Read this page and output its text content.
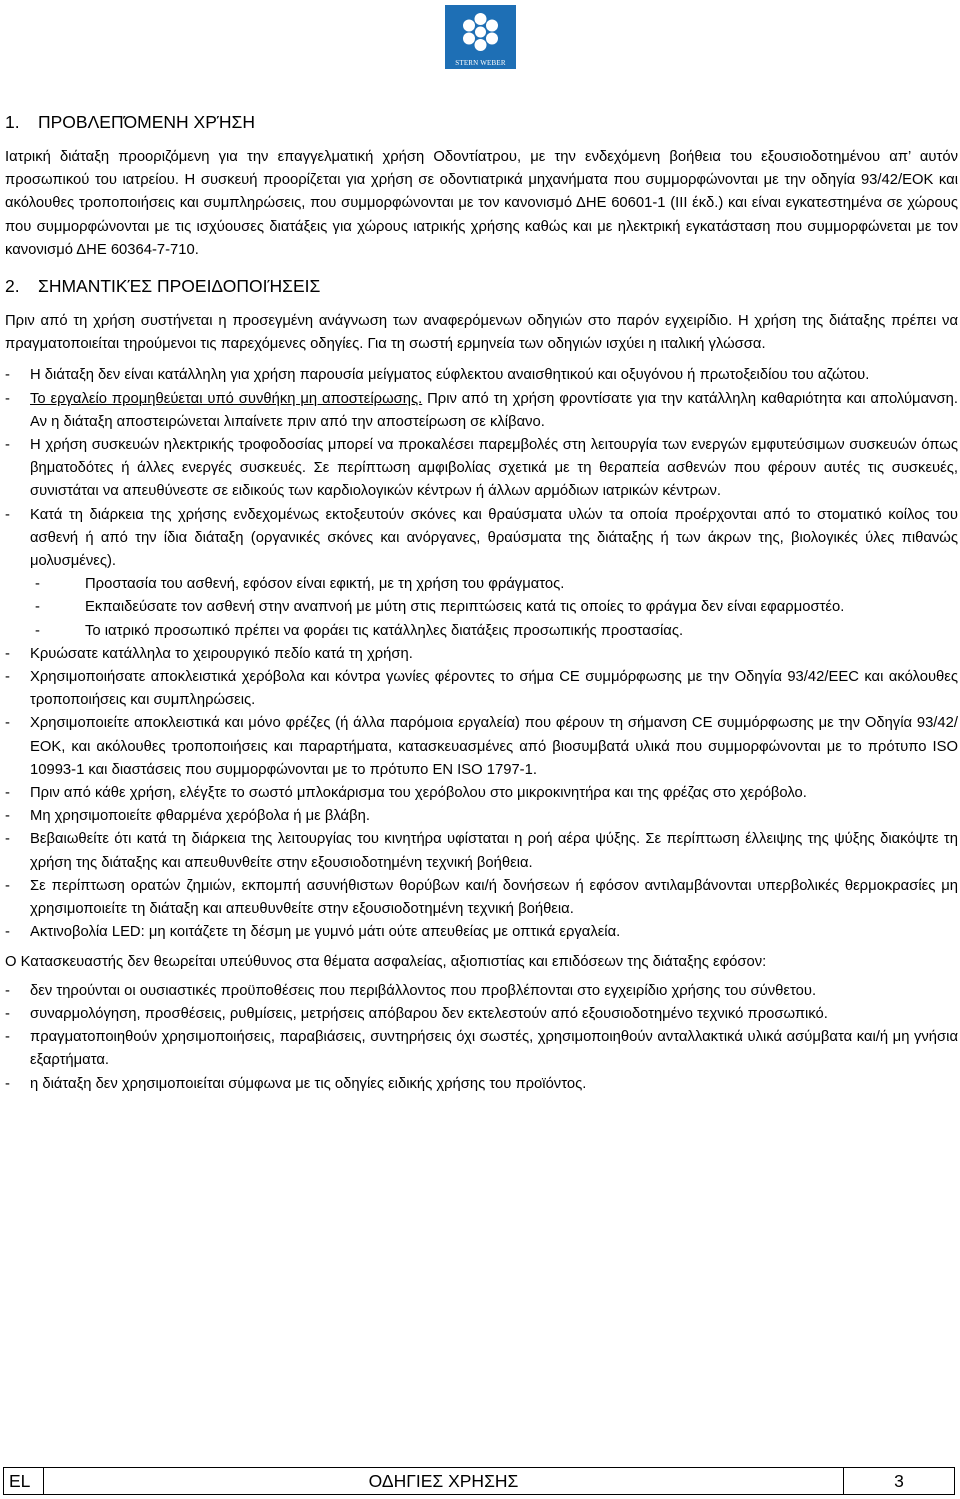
STERN WEBER
1. ΠΡΟΒΛΕΠΌΜΕΝΗ ΧΡΉΣΗ

Ιατρική διάταξη προοριζόμενη για την επαγγελματική χρήση Οδοντίατρου, με την ενδεχόμενη βοήθεια του εξουσιοδοτημένου απ’ αυτόν προσωπικού του ιατρείου. Η συσκευή προορίζεται για χρήση σε οδοντιατρικά μηχανήματα που συμμορφώνονται με την οδηγία 93/42/ΕΟΚ και ακόλουθες τροποποιήσεις και συμπληρώσεις, που συμμορφώνονται με τον κανονισμό ΔΗΕ 60601-1 (III έκδ.) και είναι εγκατεστημένα σε χώρους που συμμορφώνονται με τις ισχύουσες διατάξεις για χώρους ιατρικής χρήσης καθώς και με ηλεκτρική εγκατάσταση που συμμορφώνεται με τον κανονισμό ΔΗΕ 60364-7-710.

2. ΣΗΜΑΝΤΙΚΈΣ ΠΡΟΕΙΔΟΠΟΙΉΣΕΙΣ

Πριν από τη χρήση συστήνεται η προσεγμένη ανάγνωση των αναφερόμενων οδηγιών στο παρόν εγχειρίδιο. Η χρήση της διάταξης πρέπει να πραγματοποιείται τηρούμενοι τις παρεχόμενες οδηγίες. Για τη σωστή ερμηνεία των οδηγιών ισχύει η ιταλική γλώσσα.

- Η διάταξη δεν είναι κατάλληλη για χρήση παρουσία μείγματος εύφλεκτου αναισθητικού και οξυγόνου ή πρωτοξειδίου του αζώτου.

- Το εργαλείο προμηθεύεται υπό συνθήκη μη αποστείρωσης. Πριν από τη χρήση φροντίσατε για την κατάλληλη καθαριότητα και απολύμανση. Αν η διάταξη αποστειρώνεται λιπαίνετε πριν από την αποστείρωση σε κλίβανο.

- Η χρήση συσκευών ηλεκτρικής τροφοδοσίας μπορεί να προκαλέσει παρεμβολές στη λειτουργία των ενεργών εμφυτεύσιμων συσκευών όπως βηματοδότες ή άλλες ενεργές συσκευές. Σε περίπτωση αμφιβολίας σχετικά με τη θεραπεία ασθενών που φέρουν αυτές τις συσκευές, συνιστάται να απευθύνεστε σε ειδικούς των καρδιολογικών κέντρων ή άλλων αρμόδιων ιατρικών κέντρων.

- Κατά τη διάρκεια της χρήσης ενδεχομένως εκτοξευτούν σκόνες και θραύσματα υλών τα οποία προέρχονται από το στοματικό κοίλος του ασθενή ή από την ίδια διάταξη (οργανικές σκόνες και ανόργανες, θραύσματα της διάταξης ή των άκρων της, βιολογικές ύλες πιθανώς μολυσμένες).

-	Προστασία του ασθενή, εφόσον είναι εφικτή, με τη χρήση του φράγματος.

-	Εκπαιδεύσατε τον ασθενή στην αναπνοή με μύτη στις περιπτώσεις κατά τις οποίες το φράγμα δεν είναι εφαρμοστέο.

-	Το ιατρικό προσωπικό πρέπει να φοράει τις κατάλληλες διατάξεις προσωπικής προστασίας.

- Κρυώσατε κατάλληλα το χειρουργικό πεδίο κατά τη χρήση.

- Χρησιμοποιήσατε αποκλειστικά χερόβολα και κόντρα γωνίες φέροντες το σήμα CE συμμόρφωσης με την Οδηγία 93/42/EEC και ακόλουθες τροποποιήσεις και συμπληρώσεις.

- Χρησιμοποιείτε αποκλειστικά και μόνο φρέζες (ή άλλα παρόμοια εργαλεία) που φέρουν τη σήμανση CE συμμόρφωσης με την Οδηγία 93/42/ΕΟΚ, και ακόλουθες τροποποιήσεις και παραρτήματα, κατασκευασμένες από βιοσυμβατά υλικά που συμμορφώνονται με το πρότυπο ISO 10993-1 και διαστάσεις που συμμορφώνονται με το πρότυπο EN ISO 1797-1.

- Πριν από κάθε χρήση, ελέγξτε το σωστό μπλοκάρισμα του χερόβολου στο μικροκινητήρα και της φρέζας στο χερόβολο.

- Μη χρησιμοποιείτε φθαρμένα χερόβολα ή με βλάβη.

- Βεβαιωθείτε ότι κατά τη διάρκεια της λειτουργίας του κινητήρα υφίσταται η ροή αέρα ψύξης. Σε περίπτωση έλλειψης της ψύξης διακόψτε τη χρήση της διάταξης και απευθυνθείτε στην εξουσιοδοτημένη τεχνική βοήθεια.

- Σε περίπτωση ορατών ζημιών, εκπομπή ασυνήθιστων θορύβων και/ή δονήσεων ή εφόσον αντιλαμβάνονται υπερβολικές θερμοκρασίες μη χρησιμοποιείτε τη διάταξη και απευθυνθείτε στην εξουσιοδοτημένη τεχνική βοήθεια.

- Ακτινοβολία LED: μη κοιτάζετε τη δέσμη με γυμνό μάτι ούτε απευθείας με οπτικά εργαλεία.

Ο Κατασκευαστής δεν θεωρείται υπεύθυνος στα θέματα ασφαλείας, αξιοπιστίας και επιδόσεων της διάταξης εφόσον:

- δεν τηρούνται οι ουσιαστικές προϋποθέσεις που περιβάλλοντος που προβλέπονται στο εγχειρίδιο χρήσης του σύνθετου.

- συναρμολόγηση, προσθέσεις, ρυθμίσεις, μετρήσεις απόβαρου δεν εκτελεστούν από εξουσιοδοτημένο τεχνικό προσωπικό.

- πραγματοποιηθούν χρησιμοποιήσεις, παραβιάσεις, συντηρήσεις όχι σωστές, χρησιμοποιηθούν ανταλλακτικά υλικά ασύμβατα και/ή μη γνήσια εξαρτήματα.

- η διάταξη δεν χρησιμοποιείται σύμφωνα με τις οδηγίες ειδικής χρήσης του προϊόντος.

EL	ΟΔΗΓΙΕΣ ΧΡΗΣΗΣ	3
